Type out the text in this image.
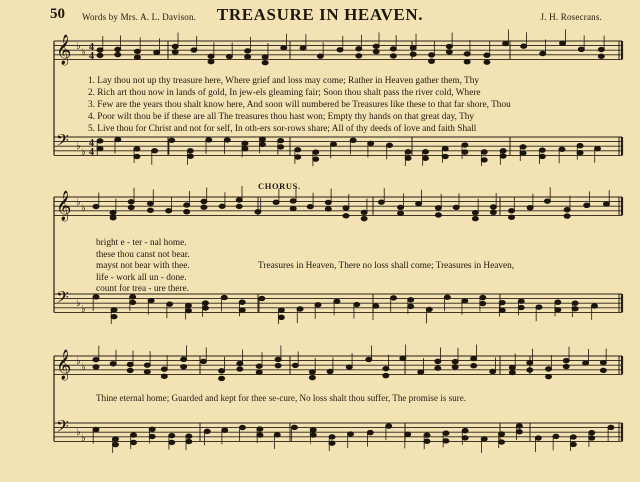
𝄞 ♭
♭ 4
4
𝄢 ♭
♭
4
4
𝄞 ♭
♭
𝄢 ♭
♭
𝄞 ♭
♭
𝄢 ♭
♭
50 Words by Mrs. A. L. Davison.	TREASURE IN HEAVEN.	J. H. Rosecrans.
1. Lay thou not up thy treasure here, Where grief and loss may come; Rather in Heaven gather them, Thy
2. Rich art thou now in lands of gold, In jew-els gleaming fair; Soon thou shalt pass the river cold, Where
3. Few are the years thou shalt know here, And soon will numbered be Treasures like these to that far shore, Thou
4. Poor wilt thou be if these are all The treasures thou hast won; Empty thy hands on that great day, Thy
5. Live thou for Christ and not for self, In oth-ers sor-rows share; All of thy deeds of love and faith Shall
CHORUS.
bright e - ter - nal home.
these thou canst not bear.
mayst not bear with thee.
life - work all un - done.
count for trea - ure there.
Treasures in Heaven, There no loss shall come; Treasures in Heaven,
Thine eternal home; Guarded and kept for thee se-cure, No loss shalt thou suffer, The promise is sure.
